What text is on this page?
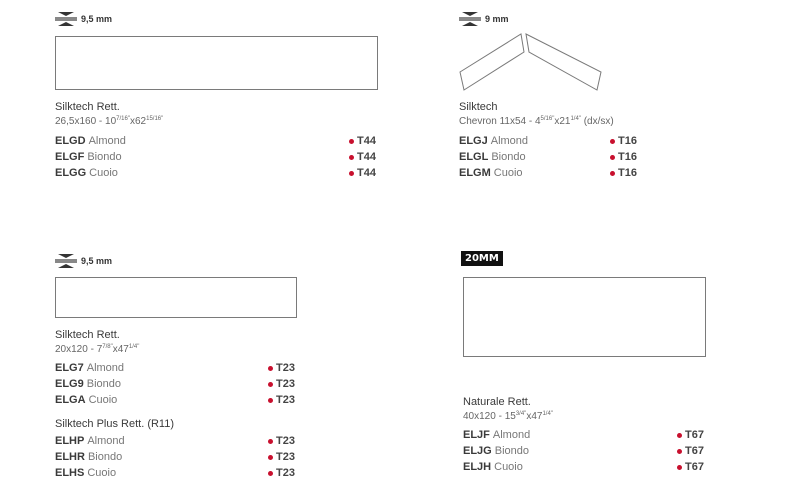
9,5 mm
Silktech Rett.
$26,5x160 - 10^{7/16"}x62^{15/16"}$
ELGD Almond	T44
ELGF Biondo	T44
ELGG Cuoio	T44
9 mm
Silktech
Chevron $11x54 - 4^{5/16"}x21^{1/4"}$ (dx/sx)
ELGJ Almond	T16
ELGL Biondo	T16
ELGM Cuoio	T16
9,5 mm
Silktech Rett.
$20x120 - 7^{7/8"}x47^{1/4"}$
ELG7 Almond	T23
ELG9 Biondo	T23
ELGA Cuoio	T23
Silktech Plus Rett. (R11)
ELHP Almond	T23
ELHR Biondo	T23
ELHS Cuoio	T23
20MM
Naturale Rett.
$40x120 - 15^{3/4"}x47^{1/4"}$
ELJF Almond	T67
ELJG Biondo	T67
ELJH Cuoio	T67
